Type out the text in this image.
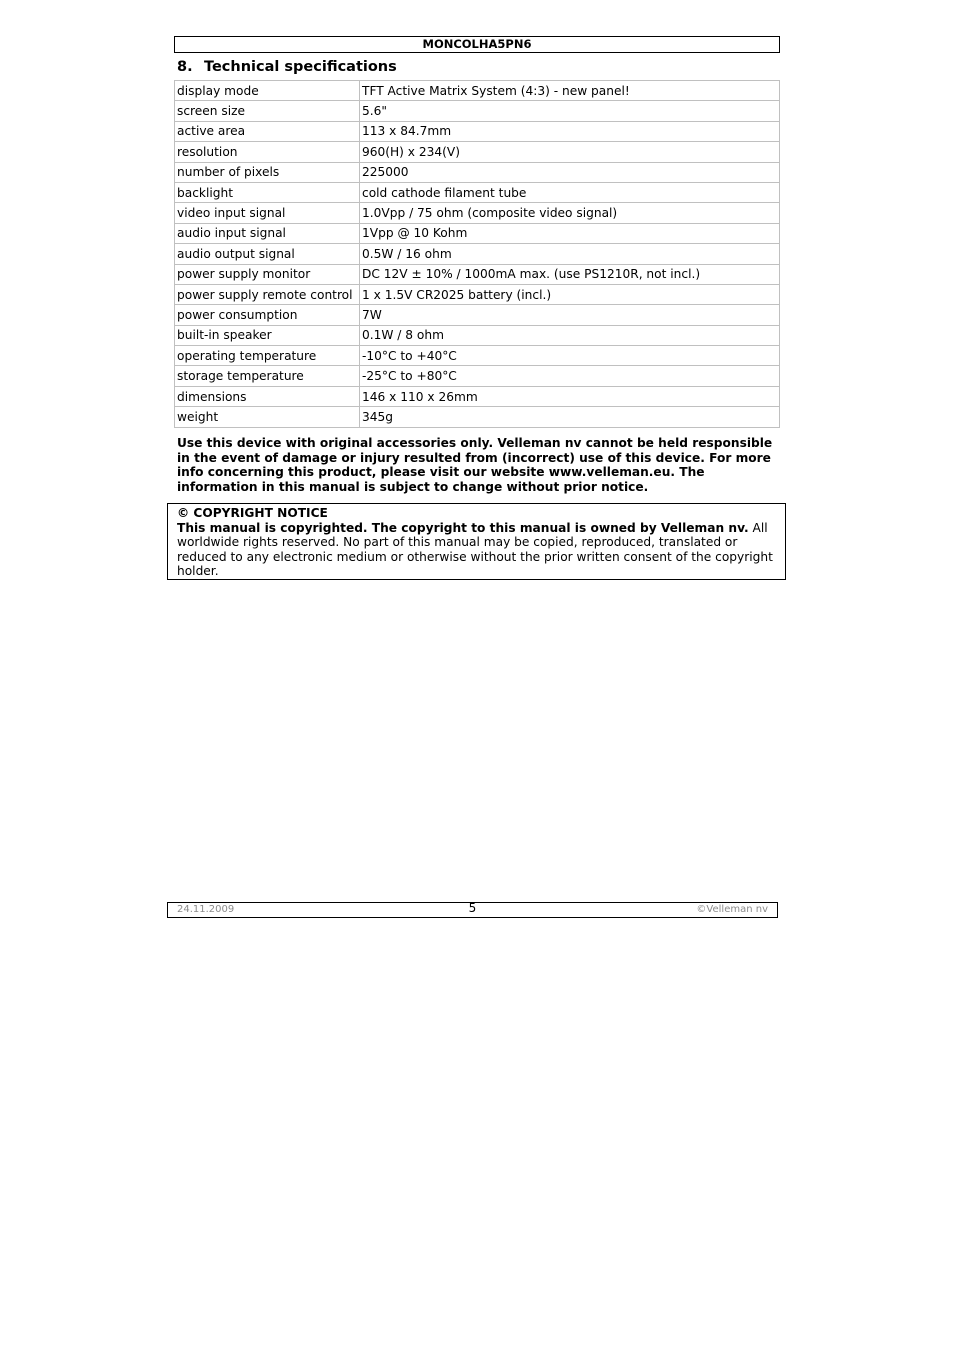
MONCOLHA5PN6
8. Technical specifications
display mode	TFT Active Matrix System (4:3) - new panel!
screen size	5.6"
active area	113 x 84.7mm
resolution	960(H) x 234(V)
number of pixels	225000
backlight	cold cathode filament tube
video input signal	1.0Vpp / 75 ohm (composite video signal)
audio input signal	1Vpp @ 10 Kohm
audio output signal	0.5W / 16 ohm
power supply monitor	DC 12V ± 10% / 1000mA max. (use PS1210R, not incl.)
power supply remote control	1 x 1.5V CR2025 battery (incl.)
power consumption	7W
built-in speaker	0.1W / 8 ohm
operating temperature	-10°C to +40°C
storage temperature	-25°C to +80°C
dimensions	146 x 110 x 26mm
weight	345g

Use this device with original accessories only. Velleman nv cannot be held responsible in the event of damage or injury resulted from (incorrect) use of this device. For more info concerning this product, please visit our website www.velleman.eu. The information in this manual is subject to change without prior notice.

© COPYRIGHT NOTICE
This manual is copyrighted. The copyright to this manual is owned by Velleman nv. All worldwide rights reserved. No part of this manual may be copied, reproduced, translated or reduced to any electronic medium or otherwise without the prior written consent of the copyright holder.
24.11.2009	5	©Velleman nv
